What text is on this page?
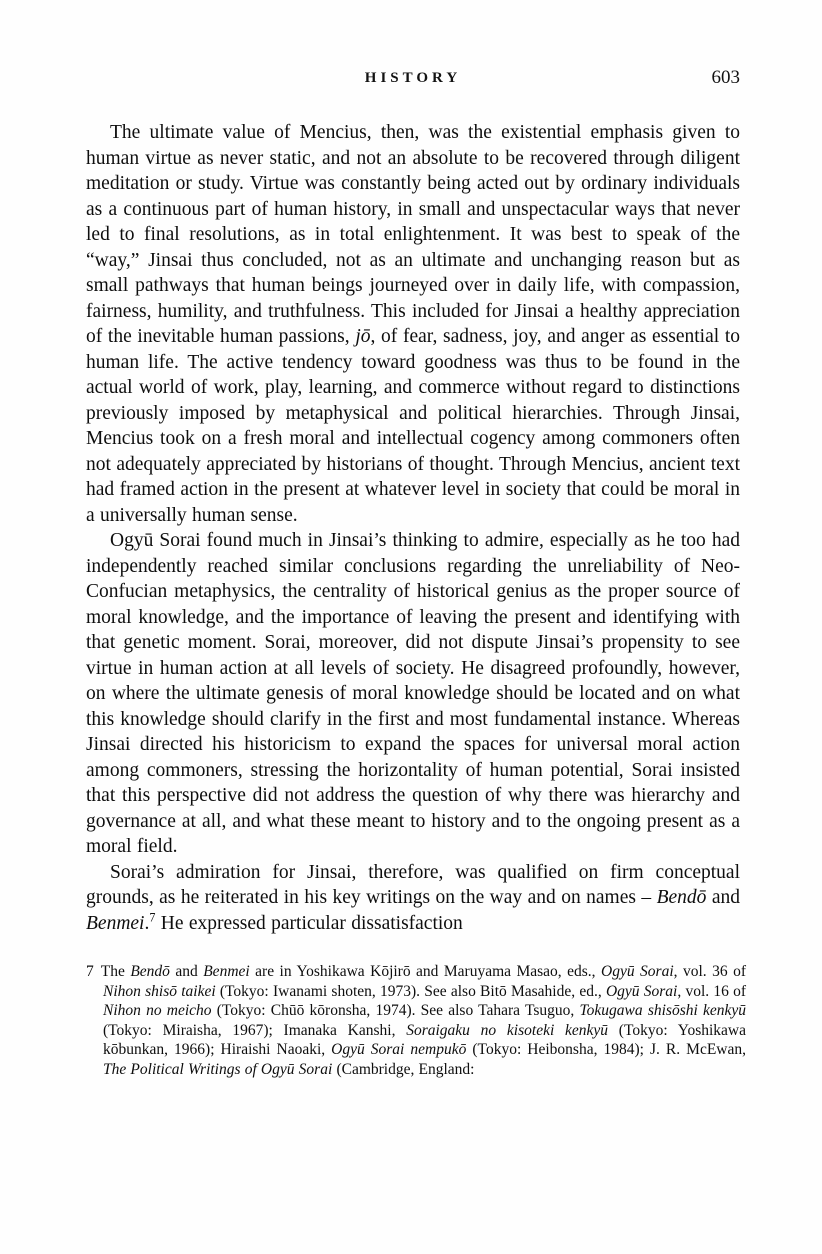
HISTORY	603

The ultimate value of Mencius, then, was the existential emphasis given to human virtue as never static, and not an absolute to be recovered through diligent meditation or study. Virtue was constantly being acted out by ordinary individuals as a continuous part of human history, in small and unspectacular ways that never led to final resolutions, as in total enlightenment. It was best to speak of the “way,” Jinsai thus concluded, not as an ultimate and unchanging reason but as small pathways that human beings journeyed over in daily life, with compassion, fairness, humility, and truthfulness. This included for Jinsai a healthy appreciation of the inevitable human passions, jō, of fear, sadness, joy, and anger as essential to human life. The active tendency toward goodness was thus to be found in the actual world of work, play, learning, and commerce without regard to distinctions previously imposed by metaphysical and political hierarchies. Through Jinsai, Mencius took on a fresh moral and intellectual cogency among commoners often not adequately appreciated by historians of thought. Through Mencius, ancient text had framed action in the present at whatever level in society that could be moral in a universally human sense.

Ogyū Sorai found much in Jinsai’s thinking to admire, especially as he too had independently reached similar conclusions regarding the unreliability of Neo-Confucian metaphysics, the centrality of historical genius as the proper source of moral knowledge, and the importance of leaving the present and identifying with that genetic moment. Sorai, moreover, did not dispute Jinsai’s propensity to see virtue in human action at all levels of society. He disagreed profoundly, however, on where the ultimate genesis of moral knowledge should be located and on what this knowledge should clarify in the first and most fundamental instance. Whereas Jinsai directed his historicism to expand the spaces for universal moral action among commoners, stressing the horizontality of human potential, Sorai insisted that this perspective did not address the question of why there was hierarchy and governance at all, and what these meant to history and to the ongoing present as a moral field.

Sorai’s admiration for Jinsai, therefore, was qualified on firm conceptual grounds, as he reiterated in his key writings on the way and on names – Bendō and Benmei.$^7$ He expressed particular dissatisfaction

7 The Bendō and Benmei are in Yoshikawa Kōjirō and Maruyama Masao, eds., Ogyū Sorai, vol. 36 of Nihon shisō taikei (Tokyo: Iwanami shoten, 1973). See also Bitō Masahide, ed., Ogyū Sorai, vol. 16 of Nihon no meicho (Tokyo: Chūō kōronsha, 1974). See also Tahara Tsuguo, Tokugawa shisōshi kenkyū (Tokyo: Miraisha, 1967); Imanaka Kanshi, Soraigaku no kisoteki kenkyū (Tokyo: Yoshikawa kōbunkan, 1966); Hiraishi Naoaki, Ogyū Sorai nempukō (Tokyo: Heibonsha, 1984); J. R. McEwan, The Political Writings of Ogyū Sorai (Cambridge, England:
